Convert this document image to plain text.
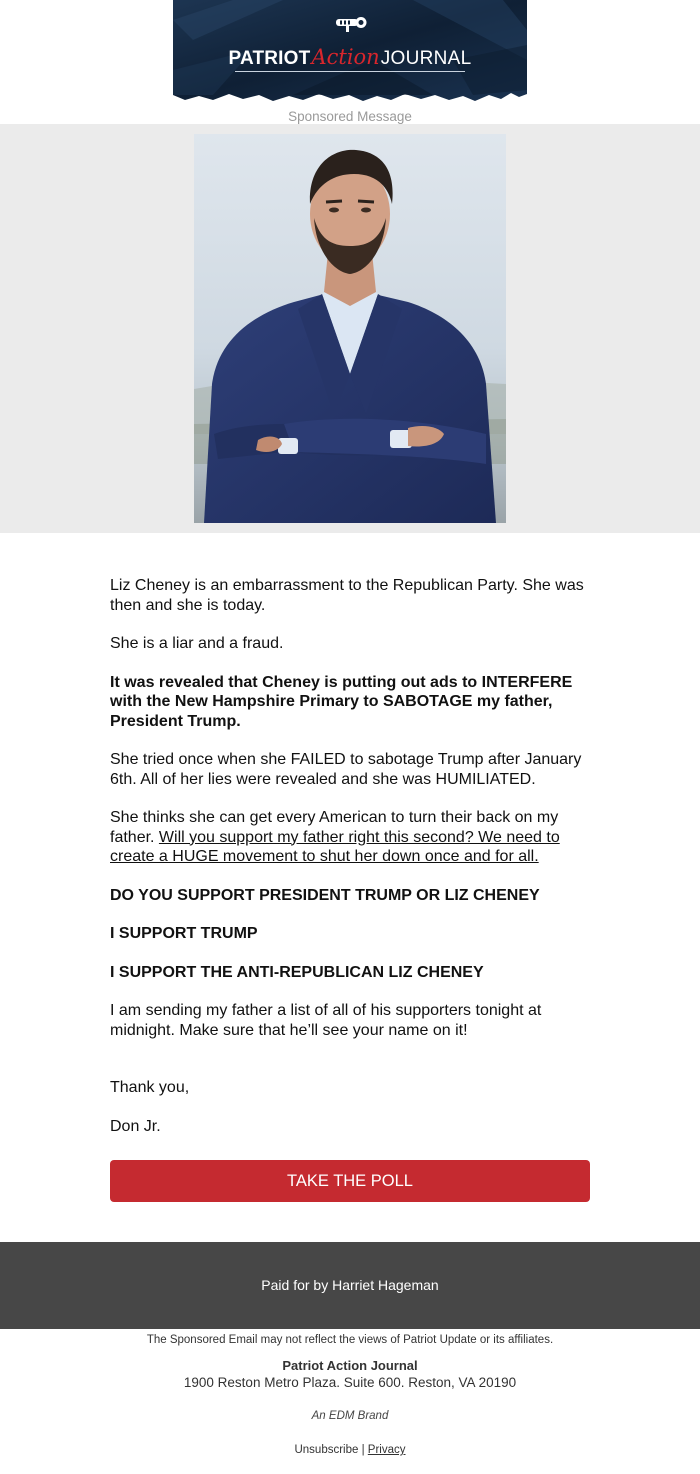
PATRIOTActionJOURNAL
Sponsored Message

Liz Cheney is an embarrassment to the Republican Party. She was then and she is today.

She is a liar and a fraud.

It was revealed that Cheney is putting out ads to INTERFERE with the New Hampshire Primary to SABOTAGE my father, President Trump.

She tried once when she FAILED to sabotage Trump after January 6th. All of her lies were revealed and she was HUMILIATED.

She thinks she can get every American to turn their back on my father. Will you support my father right this second? We need to create a HUGE movement to shut her down once and for all.

DO YOU SUPPORT PRESIDENT TRUMP OR LIZ CHENEY

I SUPPORT TRUMP

I SUPPORT THE ANTI-REPUBLICAN LIZ CHENEY

I am sending my father a list of all of his supporters tonight at midnight. Make sure that he’ll see your name on it!

Thank you,

Don Jr.

TAKE THE POLL
Paid for by Harriet Hageman
The Sponsored Email may not reflect the views of Patriot Update or its affiliates.
Patriot Action Journal
1900 Reston Metro Plaza. Suite 600. Reston, VA 20190
An EDM Brand
Unsubscribe | Privacy
